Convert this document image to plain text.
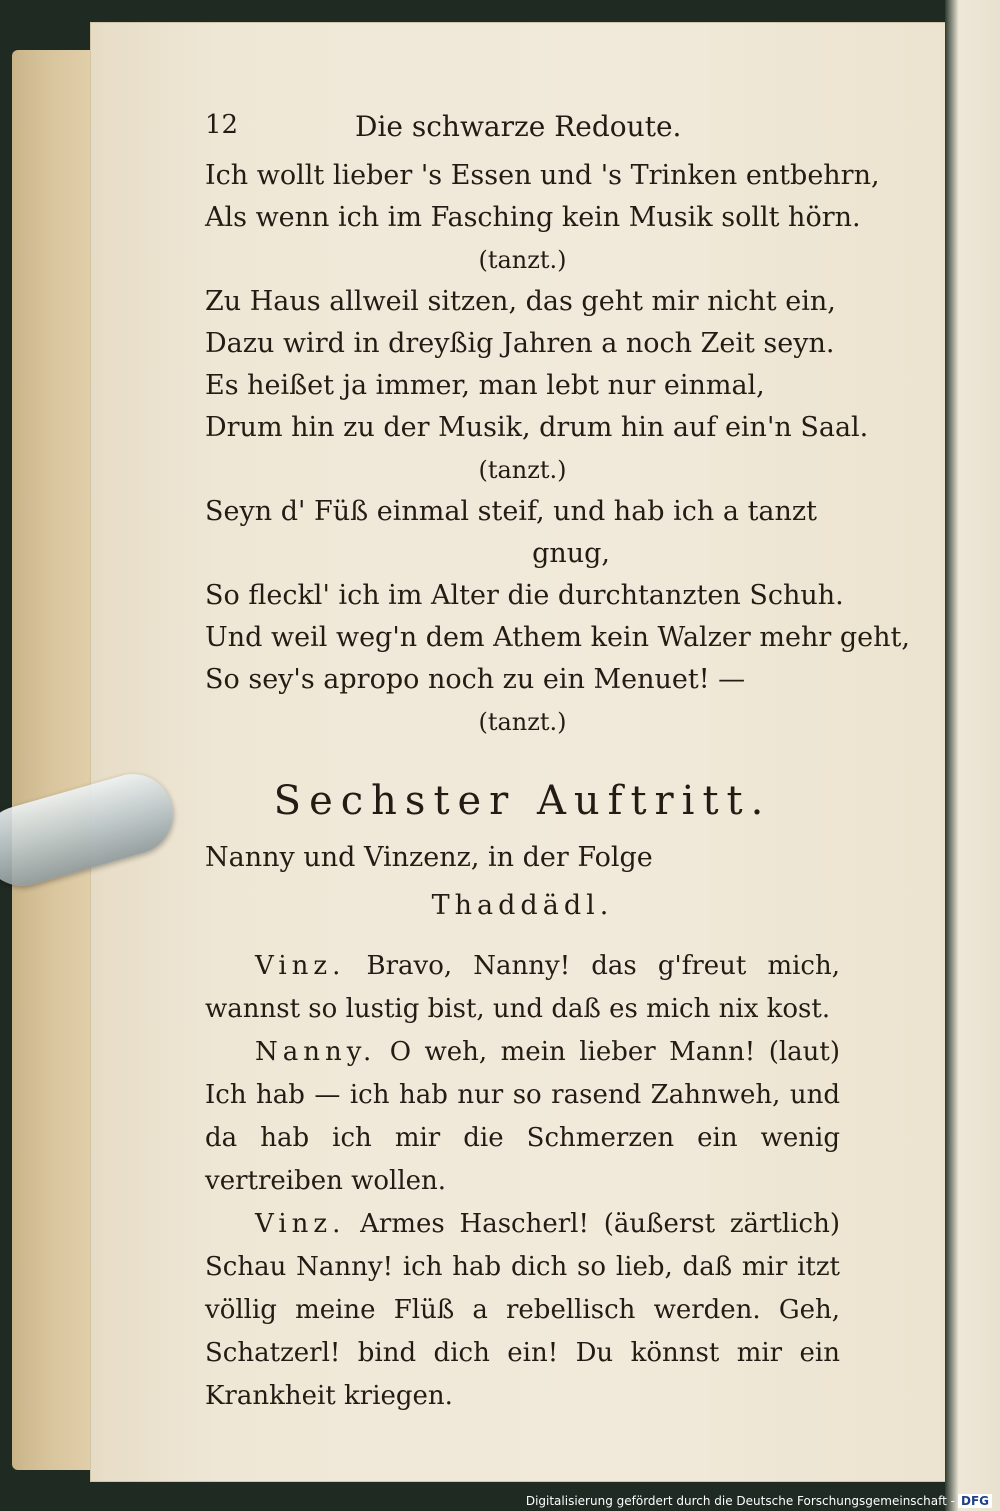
12	Die schwarze Redoute.
Ich wollt lieber 's Essen und 's Trinken entbehrn,
Als wenn ich im Fasching kein Musik sollt hörn.
(tanzt.)
Zu Haus allweil sitzen, das geht mir nicht ein,
Dazu wird in dreyßig Jahren a noch Zeit seyn.
Es heißet ja immer, man lebt nur einmal,
Drum hin zu der Musik, drum hin auf ein'n Saal.
(tanzt.)
Seyn d' Füß einmal steif, und hab ich a tanzt
gnug,
So fleckl' ich im Alter die durchtanzten Schuh.
Und weil weg'n dem Athem kein Walzer mehr geht,
So sey's apropo noch zu ein Menuet! —
(tanzt.)
Sechster Auftritt.
Nanny und Vinzenz, in der Folge
Thaddädl.

Vinz. Bravo, Nanny! das g'freut mich, wannst so lustig bist, und daß es mich nix kost.

Nanny. O weh, mein lieber Mann! (laut) Ich hab — ich hab nur so rasend Zahnweh, und da hab ich mir die Schmerzen ein wenig vertreiben wollen.

Vinz. Armes Hascherl! (äußerst zärtlich) Schau Nanny! ich hab dich so lieb, daß mir itzt völlig meine Flüß a rebellisch werden. Geh, Schatzerl! bind dich ein! Du könnst mir ein Krankheit kriegen.

Digitalisierung gefördert durch die Deutsche Forschungsgemeinschaft - DFG
